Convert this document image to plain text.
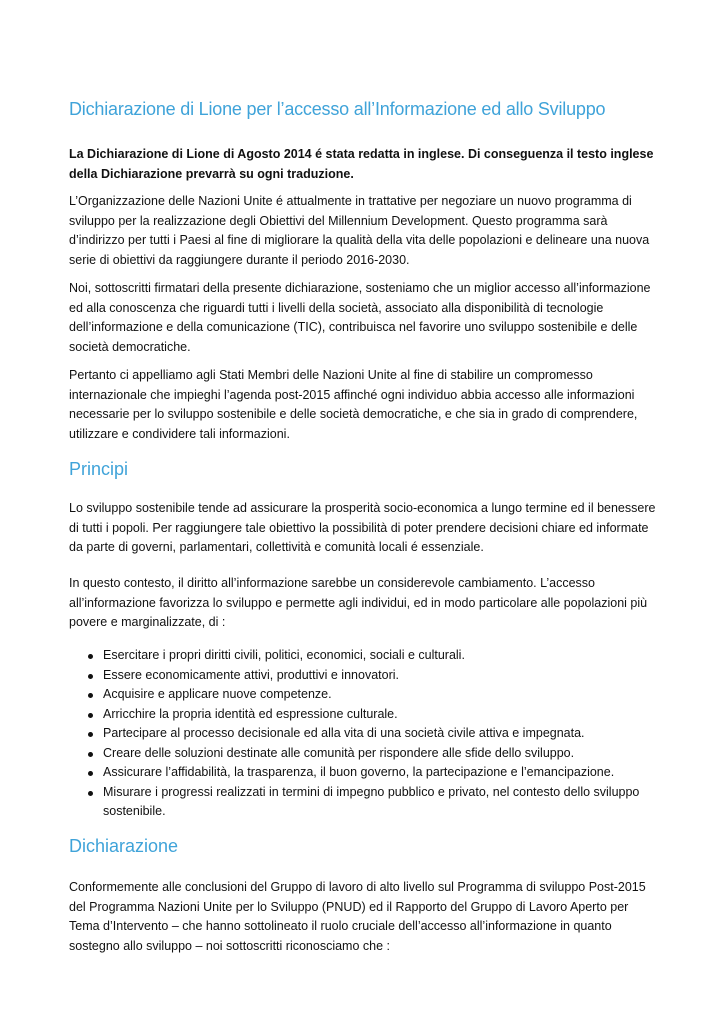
Dichiarazione di Lione per l’accesso all’Informazione ed allo Sviluppo

La Dichiarazione di Lione di Agosto 2014 é stata redatta in inglese. Di conseguenza il testo inglese della Dichiarazione prevarrà su ogni traduzione.

L’Organizzazione delle Nazioni Unite é attualmente in trattative per negoziare un nuovo programma di sviluppo per la realizzazione degli Obiettivi del Millennium Development. Questo programma sarà d’indirizzo per tutti i Paesi al fine di migliorare la qualità della vita delle popolazioni e delineare una nuova serie di obiettivi da raggiungere durante il periodo 2016-2030.

Noi, sottoscritti firmatari della presente dichiarazione, sosteniamo che un miglior accesso all’informazione ed alla conoscenza che riguardi tutti i livelli della società, associato alla disponibilità di tecnologie dell’informazione e della comunicazione (TIC), contribuisca nel favorire uno sviluppo sostenibile e delle società democratiche.

Pertanto ci appelliamo agli Stati Membri delle Nazioni Unite al fine di stabilire un compromesso internazionale che impieghi l’agenda post-2015 affinché ogni individuo abbia accesso alle informazioni necessarie per lo sviluppo sostenibile e delle società democratiche, e che sia in grado di comprendere, utilizzare e condividere tali informazioni.

Principi

Lo sviluppo sostenibile tende ad assicurare la prosperità socio-economica a lungo termine ed il benessere di tutti i popoli. Per raggiungere tale obiettivo la possibilità di poter prendere decisioni chiare ed informate da parte di governi, parlamentari, collettività e comunità locali é essenziale.

In questo contesto, il diritto all’informazione sarebbe un considerevole cambiamento. L’accesso all’informazione favorizza lo sviluppo e permette agli individui, ed in modo particolare alle popolazioni più povere e marginalizzate, di :

Esercitare i propri diritti civili, politici, economici, sociali e culturali.
Essere economicamente attivi, produttivi e innovatori.
Acquisire e applicare nuove competenze.
Arricchire la propria identità ed espressione culturale.
Partecipare al processo decisionale ed alla vita di una società civile attiva e impegnata.
Creare delle soluzioni destinate alle comunità per rispondere alle sfide dello sviluppo.
Assicurare l’affidabilità, la trasparenza, il buon governo, la partecipazione e l’emancipazione.
Misurare i progressi realizzati in termini di impegno pubblico e privato, nel contesto dello sviluppo sostenibile.
Dichiarazione

Conformemente alle conclusioni del Gruppo di lavoro di alto livello sul Programma di sviluppo Post-2015 del Programma Nazioni Unite per lo Sviluppo (PNUD) ed il Rapporto del Gruppo di Lavoro Aperto per Tema d’Intervento – che hanno sottolineato il ruolo cruciale dell’accesso all’informazione in quanto sostegno allo sviluppo – noi sottoscritti riconosciamo che :
